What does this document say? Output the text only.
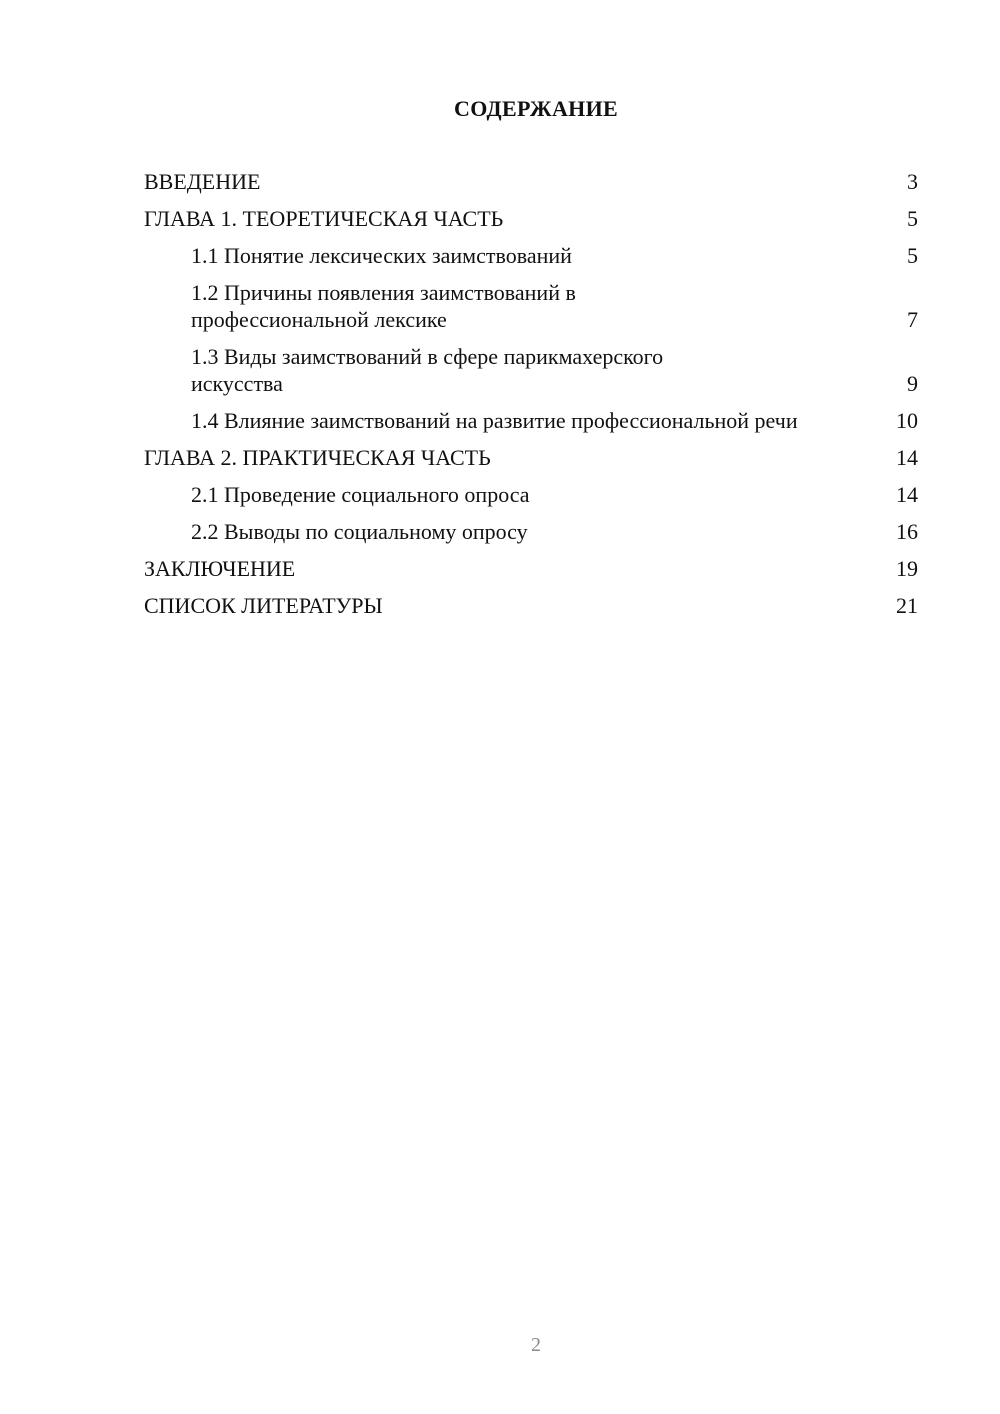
СОДЕРЖАНИЕ
ВВЕДЕНИЕ	3
ГЛАВА 1. ТЕОРЕТИЧЕСКАЯ ЧАСТЬ	5
1.1 Понятие лексических заимствований	5
1.2 Причины появления заимствований в профессиональной лексике	7
1.3 Виды заимствований в сфере парикмахерского искусства	9
1.4 Влияние заимствований на развитие профессиональной речи	10
ГЛАВА 2. ПРАКТИЧЕСКАЯ ЧАСТЬ	14
2.1 Проведение социального опроса	14
2.2 Выводы по социальному опросу	16
ЗАКЛЮЧЕНИЕ	19
СПИСОК ЛИТЕРАТУРЫ	21
2
